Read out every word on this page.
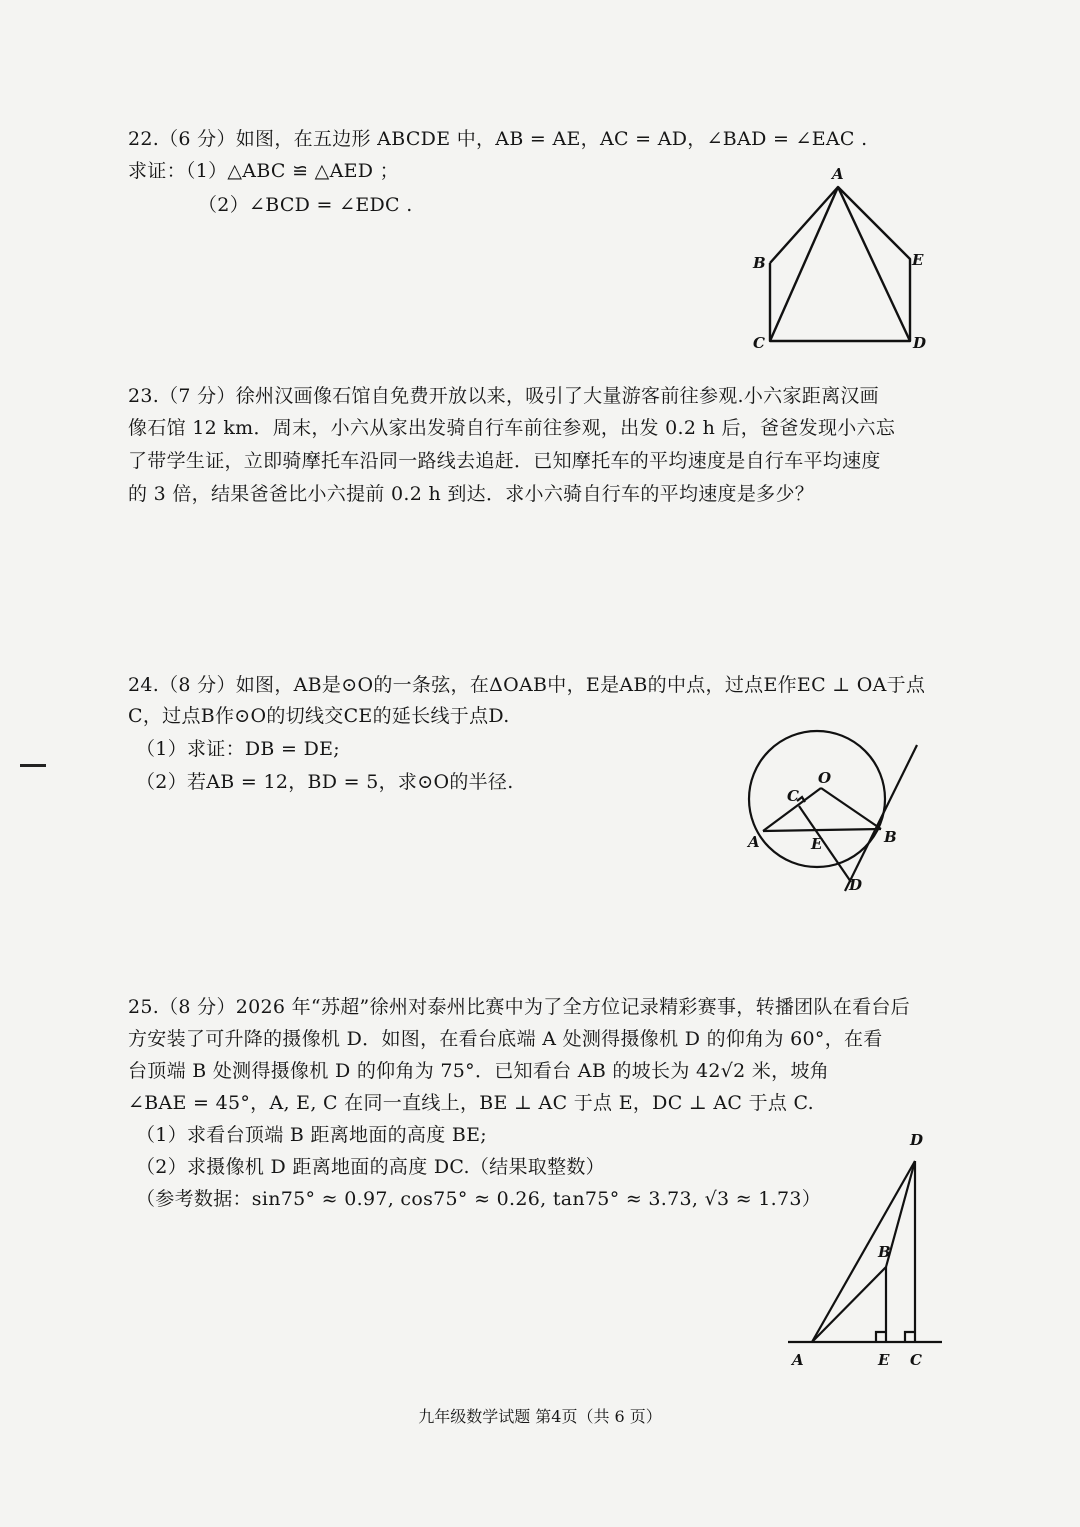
22.（6 分）如图，在五边形 ABCDE 中，AB = AE，AC = AD，∠BAD = ∠EAC .
求证：（1）△ABC ≌ △AED ；
（2）∠BCD = ∠EDC .
A
B	E
C	D
23.（7 分）徐州汉画像石馆自免费开放以来，吸引了大量游客前往参观.小六家距离汉画
像石馆 12 km．周末，小六从家出发骑自行车前往参观，出发 0.2 h 后，爸爸发现小六忘
了带学生证，立即骑摩托车沿同一路线去追赶．已知摩托车的平均速度是自行车平均速度
的 3 倍，结果爸爸比小六提前 0.2 h 到达．求小六骑自行车的平均速度是多少？
24.（8 分）如图，AB是⊙O的一条弦，在ΔOAB中，E是AB的中点，过点E作EC ⊥ OA于点
C，过点B作⊙O的切线交CE的延长线于点D.
（1）求证：DB = DE;
（2）若AB = 12，BD = 5，求⊙O的半径.	O
C
A	E	B
D
25.（8 分）2026 年“苏超”徐州对泰州比赛中为了全方位记录精彩赛事，转播团队在看台后
方安装了可升降的摄像机 D．如图，在看台底端 A 处测得摄像机 D 的仰角为 60°，在看
台顶端 B 处测得摄像机 D 的仰角为 75°．已知看台 AB 的坡长为 42√2 米，坡角
∠BAE = 45°，A, E, C 在同一直线上，BE ⊥ AC 于点 E，DC ⊥ AC 于点 C.
（1）求看台顶端 B 距离地面的高度 BE;
（2）求摄像机 D 距离地面的高度 DC.（结果取整数）
（参考数据：sin75° ≈ 0.97, cos75° ≈ 0.26, tan75° ≈ 3.73, √3 ≈ 1.73）
D
B
A	E C
九年级数学试题 第4页（共 6 页）
